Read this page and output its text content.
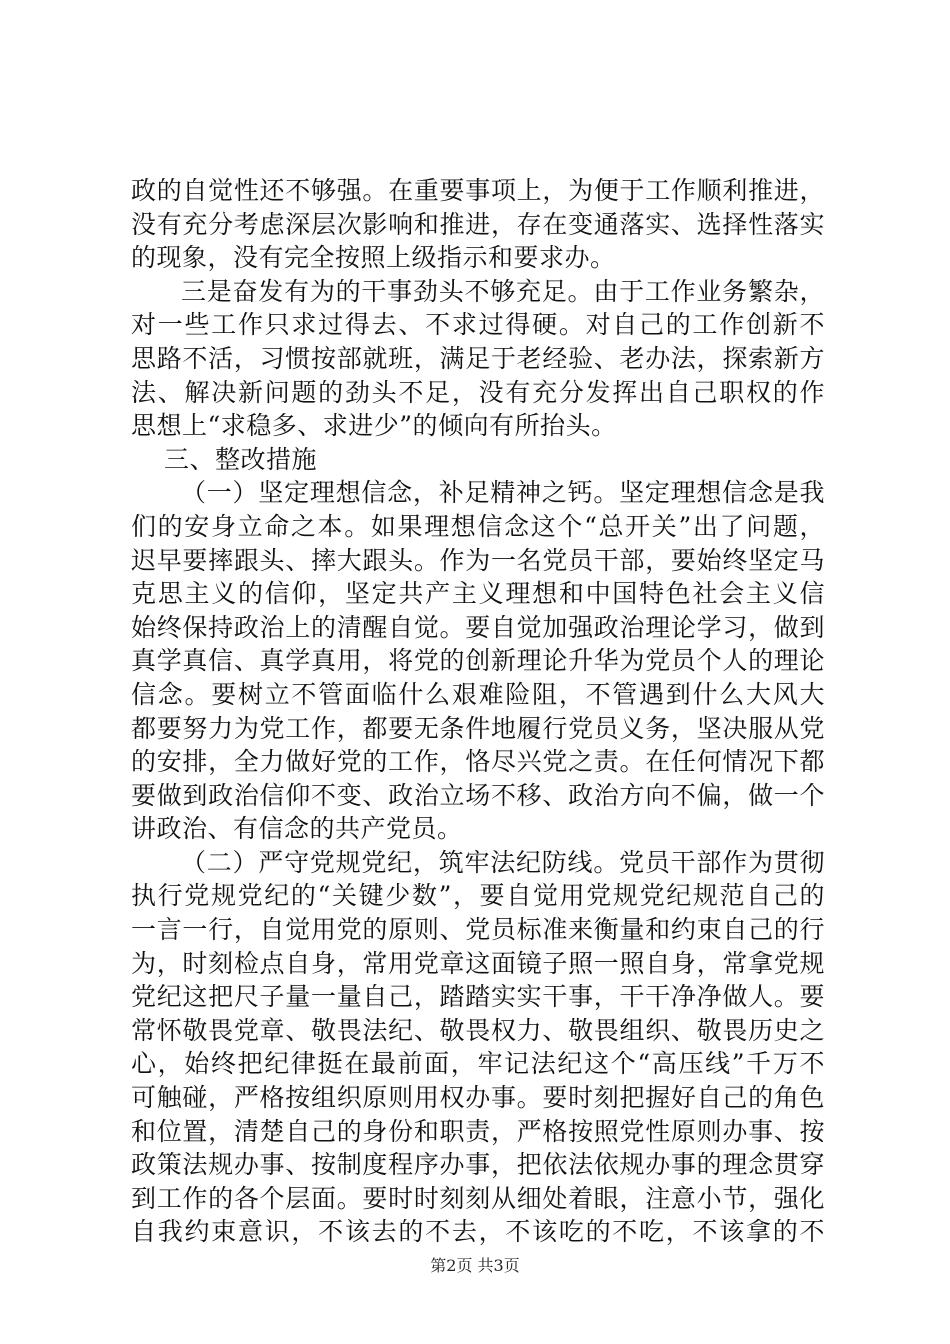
政的自觉性还不够强。在重要事项上，为便于工作顺利推进，
没有充分考虑深层次影响和推进，存在变通落实、选择性落实
的现象，没有完全按照上级指示和要求办。
三是奋发有为的干事劲头不够充足。由于工作业务繁杂，
对一些工作只求过得去、不求过得硬。对自己的工作创新不
思路不活，习惯按部就班，满足于老经验、老办法，探索新方
法、解决新问题的劲头不足，没有充分发挥出自己职权的作
思想上“求稳多、求进少”的倾向有所抬头。
三、整改措施
（一）坚定理想信念，补足精神之钙。坚定理想信念是我
们的安身立命之本。如果理想信念这个“总开关”出了问题，
迟早要摔跟头、摔大跟头。作为一名党员干部，要始终坚定马
克思主义的信仰，坚定共产主义理想和中国特色社会主义信
始终保持政治上的清醒自觉。要自觉加强政治理论学习，做到
真学真信、真学真用，将党的创新理论升华为党员个人的理论
信念。要树立不管面临什么艰难险阻，不管遇到什么大风大
都要努力为党工作，都要无条件地履行党员义务，坚决服从党
的安排，全力做好党的工作，恪尽兴党之责。在任何情况下都
要做到政治信仰不变、政治立场不移、政治方向不偏，做一个
讲政治、有信念的共产党员。
（二）严守党规党纪，筑牢法纪防线。党员干部作为贯彻
执行党规党纪的“关键少数”，要自觉用党规党纪规范自己的
一言一行，自觉用党的原则、党员标准来衡量和约束自己的行
为，时刻检点自身，常用党章这面镜子照一照自身，常拿党规
党纪这把尺子量一量自己，踏踏实实干事，干干净净做人。要
常怀敬畏党章、敬畏法纪、敬畏权力、敬畏组织、敬畏历史之
心，始终把纪律挺在最前面，牢记法纪这个“高压线”千万不
可触碰，严格按组织原则用权办事。要时刻把握好自己的角色
和位置，清楚自己的身份和职责，严格按照党性原则办事、按
政策法规办事、按制度程序办事，把依法依规办事的理念贯穿
到工作的各个层面。要时时刻刻从细处着眼，注意小节，强化
自我约束意识，不该去的不去，不该吃的不吃，不该拿的不
第2页 共3页
